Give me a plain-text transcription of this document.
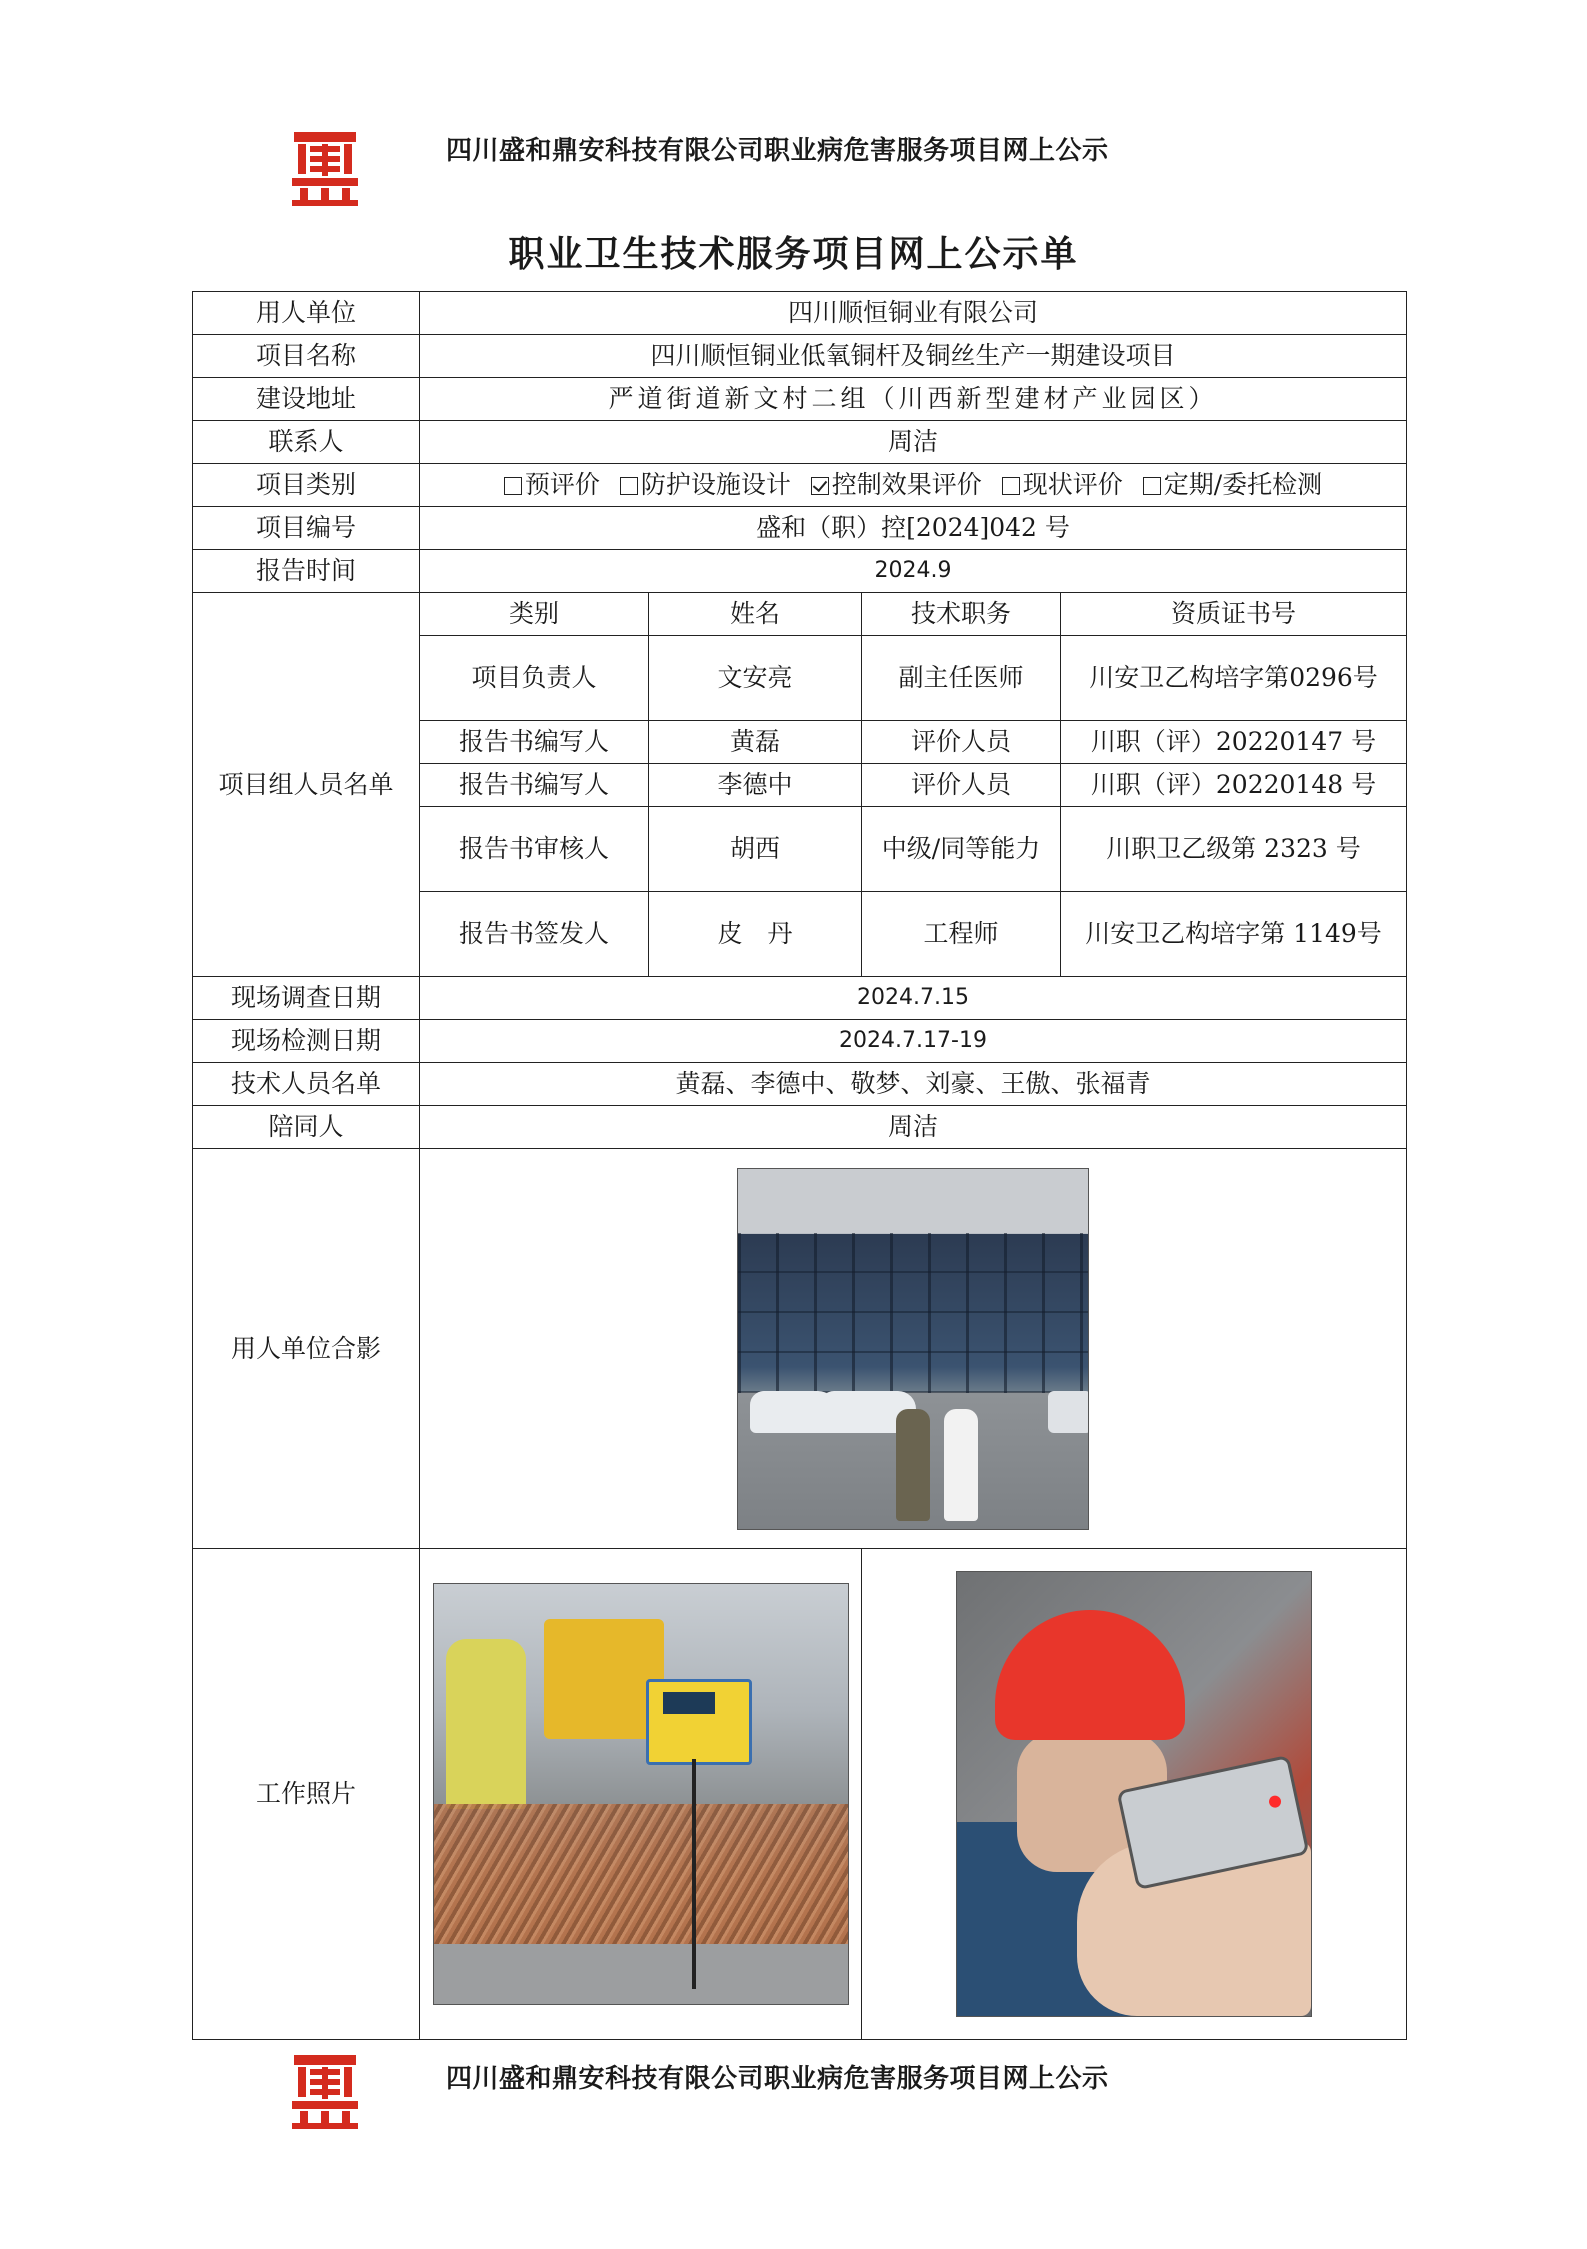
四川盛和鼎安科技有限公司职业病危害服务项目网上公示
职业卫生技术服务项目网上公示单
用人单位	四川顺恒铜业有限公司			
项目名称	四川顺恒铜业低氧铜杆及铜丝生产一期建设项目			
建设地址	严道街道新文村二组（川西新型建材产业园区）			
联系人	周洁			
项目类别	预评价 防护设施设计 控制效果评价 现状评价 定期/委托检测			
项目编号	盛和（职）控[2024]042 号			
报告时间	2024.9			
项目组人员名单	类别	姓名	技术职务	资质证书号
	项目负责人	文安亮	副主任医师	川安卫乙构培字第0296号
	报告书编写人	黄磊	评价人员	川职（评）20220147 号
	报告书编写人	李德中	评价人员	川职（评）20220148 号
	报告书审核人	胡西	中级/同等能力	川职卫乙级第 2323 号
	报告书签发人	皮　丹	工程师	川安卫乙构培字第 1149号
现场调查日期	2024.7.15			
现场检测日期	2024.7.17-19			
技术人员名单	黄磊、李德中、敬梦、刘豪、王傲、张福青			
陪同人	周洁			
用人单位合影				

工作照片			

四川盛和鼎安科技有限公司职业病危害服务项目网上公示
